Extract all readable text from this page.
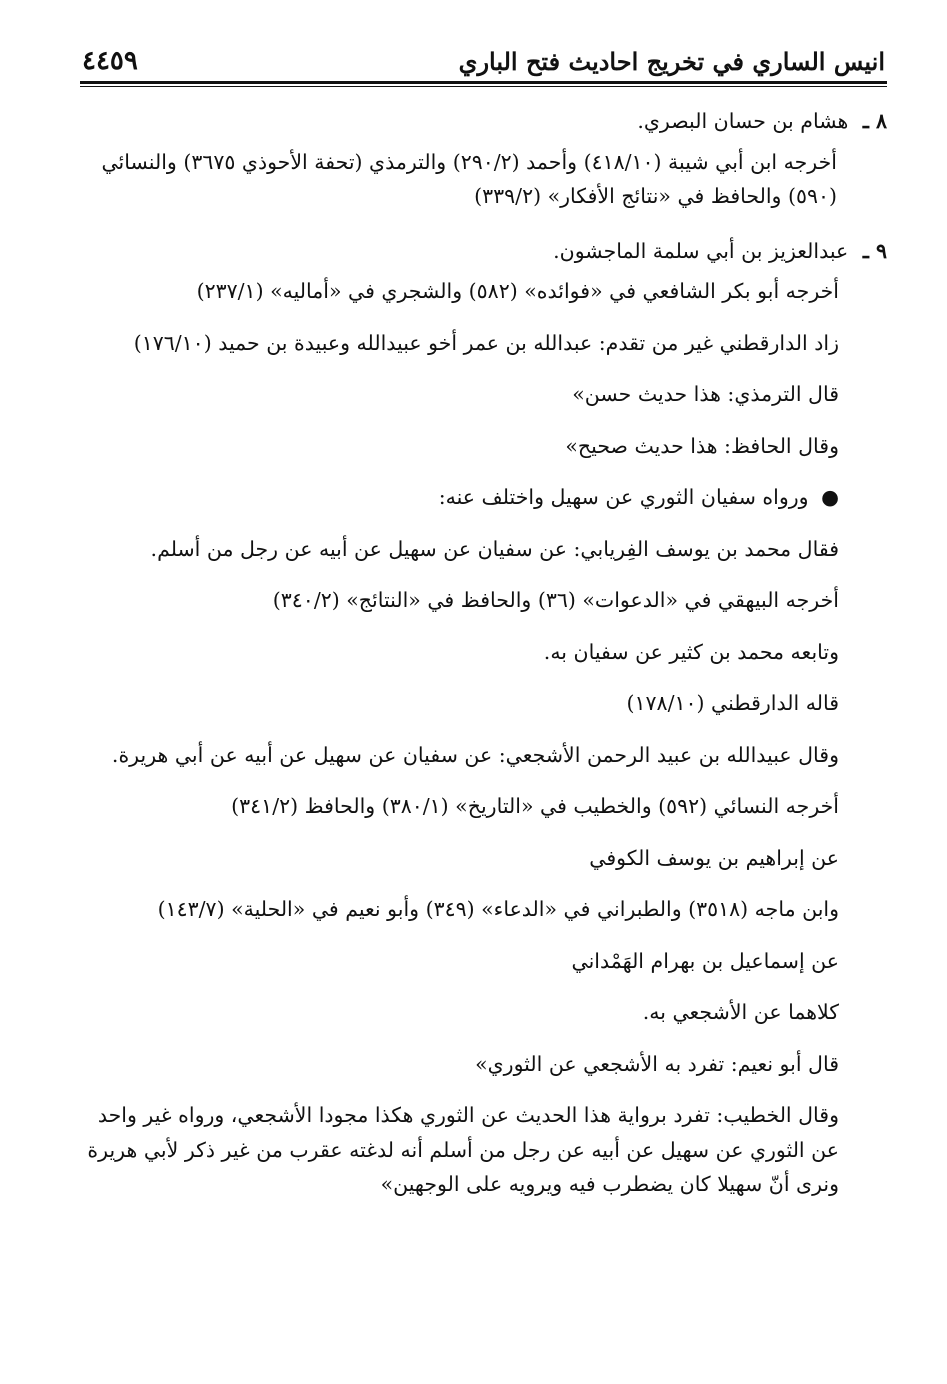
٤٤٥٩	انيس الساري في تخريج احاديث فتح الباري

٨ ـ هشام بن حسان البصري.

أخرجه ابن أبي شيبة (٤١٨/١٠) وأحمد (٢٩٠/٢) والترمذي (تحفة الأحوذي ٣٦٧٥) والنسائي (٥٩٠) والحافظ في «نتائج الأفكار» (٣٣٩/٢)

٩ ـ عبدالعزيز بن أبي سلمة الماجشون.

أخرجه أبو بكر الشافعي في «فوائده» (٥٨٢) والشجري في «أماليه» (٢٣٧/١)

زاد الدارقطني غير من تقدم: عبدالله بن عمر أخو عبيدالله وعبيدة بن حميد (١٧٦/١٠)

قال الترمذي: هذا حديث حسن»

وقال الحافظ: هذا حديث صحيح»

● ورواه سفيان الثوري عن سهيل واختلف عنه:

فقال محمد بن يوسف الفِريابي: عن سفيان عن سهيل عن أبيه عن رجل من أسلم.

أخرجه البيهقي في «الدعوات» (٣٦) والحافظ في «النتائج» (٣٤٠/٢)

وتابعه محمد بن كثير عن سفيان به.

قاله الدارقطني (١٧٨/١٠)

وقال عبيدالله بن عبيد الرحمن الأشجعي: عن سفيان عن سهيل عن أبيه عن أبي هريرة.

أخرجه النسائي (٥٩٢) والخطيب في «التاريخ» (٣٨٠/١) والحافظ (٣٤١/٢)

عن إبراهيم بن يوسف الكوفي

وابن ماجه (٣٥١٨) والطبراني في «الدعاء» (٣٤٩) وأبو نعيم في «الحلية» (١٤٣/٧)

عن إسماعيل بن بهرام الهَمْداني

كلاهما عن الأشجعي به.

قال أبو نعيم: تفرد به الأشجعي عن الثوري»

وقال الخطيب: تفرد برواية هذا الحديث عن الثوري هكذا مجودا الأشجعي، ورواه غير واحد عن الثوري عن سهيل عن أبيه عن رجل من أسلم أنه لدغته عقرب من غير ذكر لأبي هريرة ونرى أنّ سهيلا كان يضطرب فيه ويرويه على الوجهين»
